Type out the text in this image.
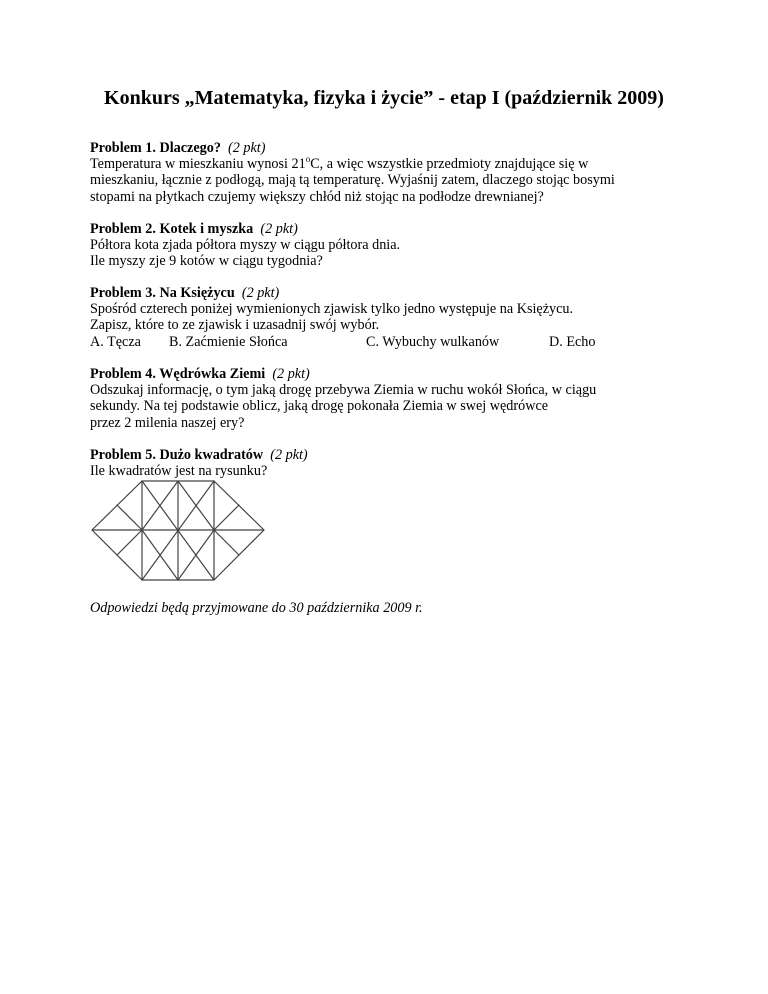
Konkurs „Matematyka, fizyka i życie” - etap I (październik 2009)
Problem 1. Dlaczego? (2 pkt)
Temperatura w mieszkaniu wynosi 21$^o$C, a więc wszystkie przedmioty znajdujące się w
mieszkaniu, łącznie z podłogą, mają tą temperaturę. Wyjaśnij zatem, dlaczego stojąc bosymi
stopami na płytkach czujemy większy chłód niż stojąc na podłodze drewnianej?
Problem 2. Kotek i myszka (2 pkt)
Półtora kota zjada półtora myszy w ciągu półtora dnia.
Ile myszy zje 9 kotów w ciągu tygodnia?
Problem 3. Na Księżycu (2 pkt)
Spośród czterech poniżej wymienionych zjawisk tylko jedno występuje na Księżycu.
Zapisz, które to ze zjawisk i uzasadnij swój wybór.
A. Tęcza B. Zaćmienie Słońca	C. Wybuchy wulkanów	D. Echo
Problem 4. Wędrówka Ziemi (2 pkt)
Odszukaj informację, o tym jaką drogę przebywa Ziemia w ruchu wokół Słońca, w ciągu
sekundy. Na tej podstawie oblicz, jaką drogę pokonała Ziemia w swej wędrówce
przez 2 milenia naszej ery?
Problem 5. Dużo kwadratów (2 pkt)
Ile kwadratów jest na rysunku?
Odpowiedzi będą przyjmowane do 30 października 2009 r.
